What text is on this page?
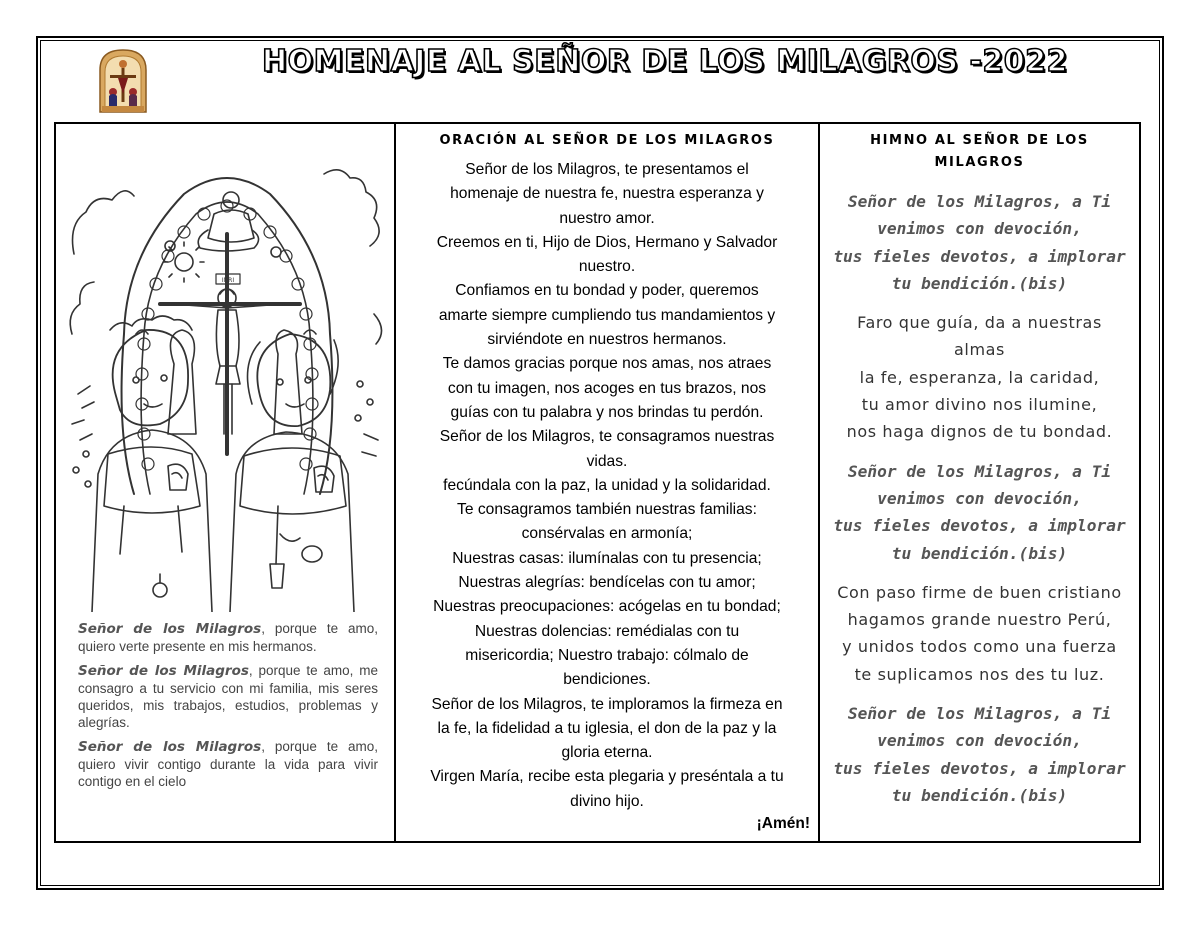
HOMENAJE AL SEÑOR DE LOS MILAGROS -2022
INRI

Señor de los Milagros, porque te amo, quiero verte presente en mis hermanos.

Señor de los Milagros, porque te amo, me consagro a tu servicio con mi familia, mis seres queridos, mis trabajos, estudios, problemas y alegrías.

Señor de los Milagros, porque te amo, quiero vivir contigo durante la vida para vivir contigo en el cielo

ORACIÓN AL SEÑOR DE LOS MILAGROS
Señor de los Milagros, te presentamos el
homenaje de nuestra fe, nuestra esperanza y
nuestro amor.
Creemos en ti, Hijo de Dios, Hermano y Salvador
nuestro.
Confiamos en tu bondad y poder, queremos
amarte siempre cumpliendo tus mandamientos y
sirviéndote en nuestros hermanos.
Te damos gracias porque nos amas, nos atraes
con tu imagen, nos acoges en tus brazos, nos
guías con tu palabra y nos brindas tu perdón.
Señor de los Milagros, te consagramos nuestras
vidas.
fecúndala con la paz, la unidad y la solidaridad.
Te consagramos también nuestras familias:
consérvalas en armonía;
Nuestras casas: ilumínalas con tu presencia;
Nuestras alegrías: bendícelas con tu amor;
Nuestras preocupaciones: acógelas en tu bondad;
Nuestras dolencias: remédialas con tu
misericordia; Nuestro trabajo: cólmalo de
bendiciones.
Señor de los Milagros, te imploramos la firmeza en
la fe, la fidelidad a tu iglesia, el don de la paz y la
gloria eterna.
Virgen María, recibe esta plegaria y preséntala a tu
divino hijo.
¡Amén!
HIMNO AL SEÑOR DE LOS
MILAGROS
Señor de los Milagros, a Ti
venimos con devoción,
tus fieles devotos, a implorar
tu bendición.(bis)
Faro que guía, da a nuestras
almas
la fe, esperanza, la caridad,
tu amor divino nos ilumine,
nos haga dignos de tu bondad.
Señor de los Milagros, a Ti
venimos con devoción,
tus fieles devotos, a implorar
tu bendición.(bis)
Con paso firme de buen cristiano
hagamos grande nuestro Perú,
y unidos todos como una fuerza
te suplicamos nos des tu luz.
Señor de los Milagros, a Ti
venimos con devoción,
tus fieles devotos, a implorar
tu bendición.(bis)
